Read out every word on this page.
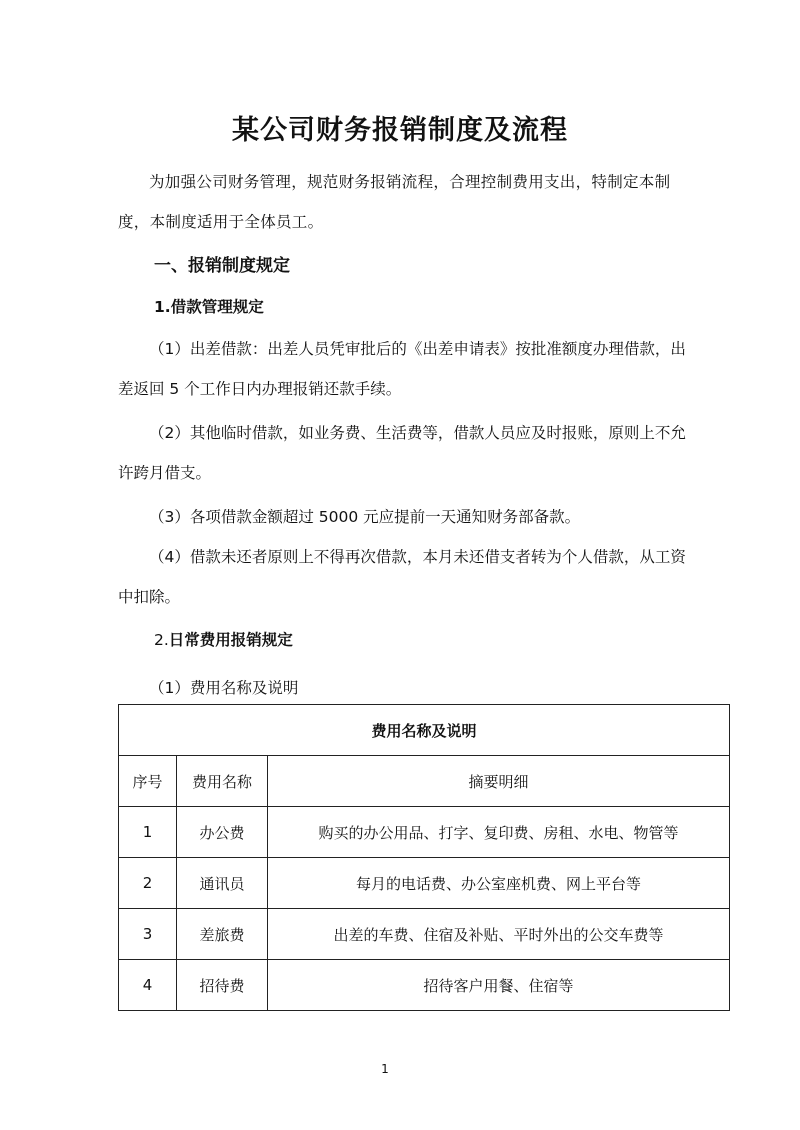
某公司财务报销制度及流程
为加强公司财务管理，规范财务报销流程，合理控制费用支出，特制定本制度，本制度适用于全体员工。
一、报销制度规定
1.借款管理规定
（1）出差借款：出差人员凭审批后的《出差申请表》按批准额度办理借款，出差返回 5 个工作日内办理报销还款手续。
（2）其他临时借款，如业务费、生活费等，借款人员应及时报账，原则上不允许跨月借支。
（3）各项借款金额超过 5000 元应提前一天通知财务部备款。
（4）借款未还者原则上不得再次借款，本月未还借支者转为个人借款，从工资中扣除。
2.日常费用报销规定
（1）费用名称及说明
费用名称及说明		
序号	费用名称	摘要明细
1	办公费	购买的办公用品、打字、复印费、房租、水电、物管等
2	通讯员	每月的电话费、办公室座机费、网上平台等
3	差旅费	出差的车费、住宿及补贴、平时外出的公交车费等
4	招待费	招待客户用餐、住宿等
1
